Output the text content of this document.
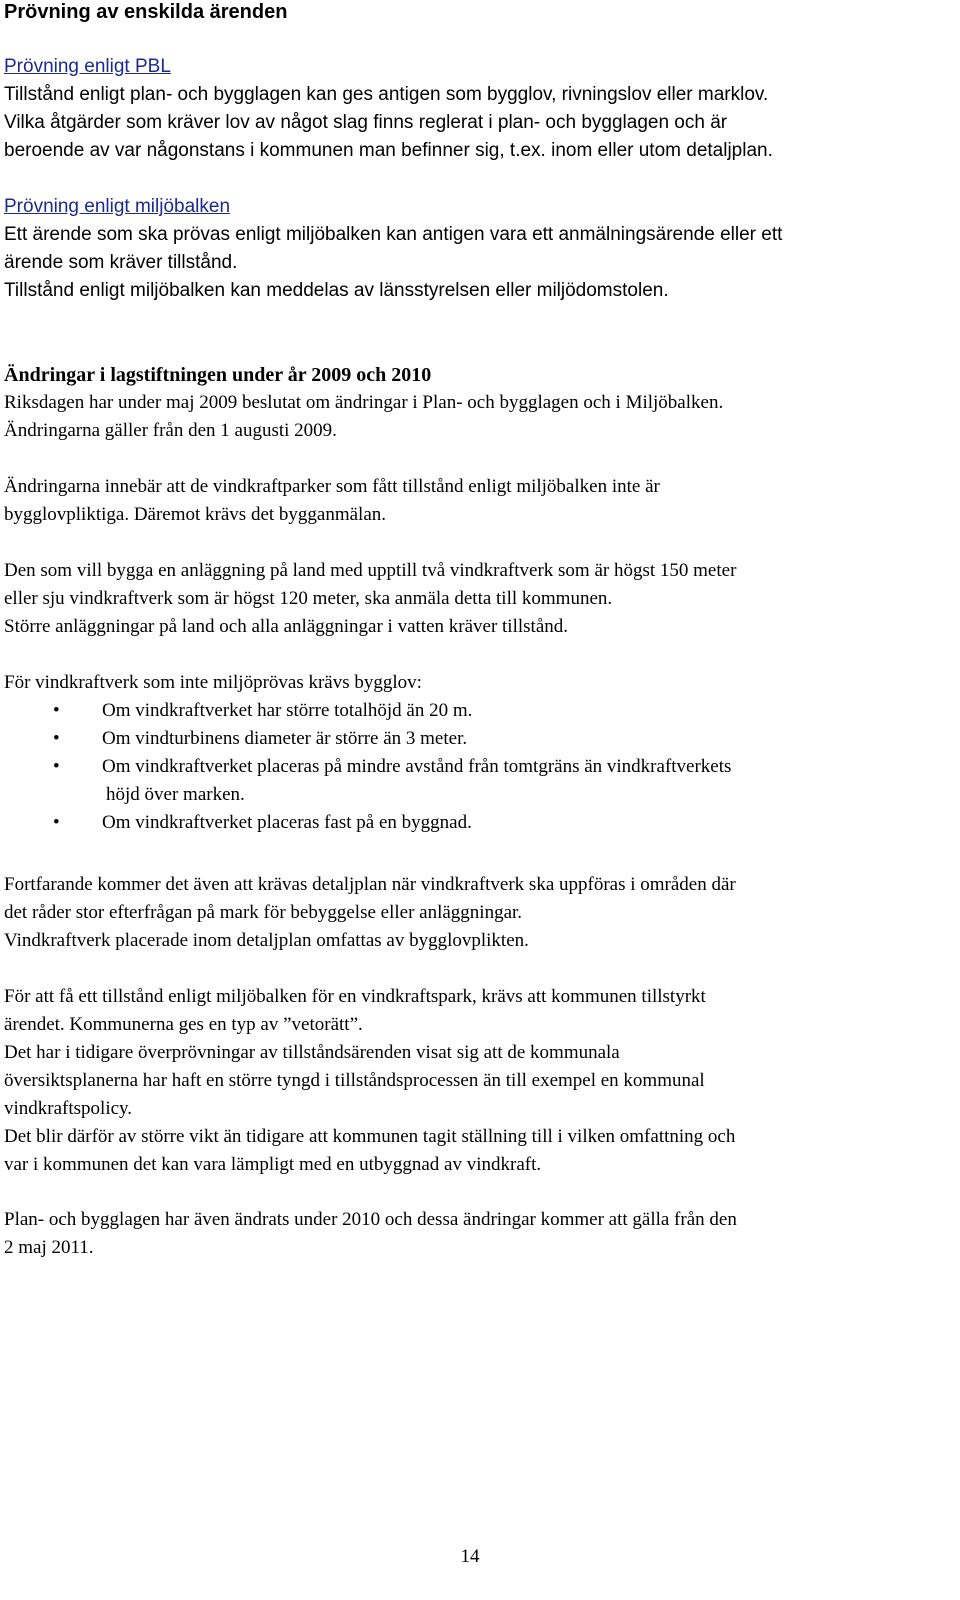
Prövning av enskilda ärenden

Prövning enligt PBL

Tillstånd enligt plan- och bygglagen kan ges antigen som bygglov, rivningslov eller marklov.

Vilka åtgärder som kräver lov av något slag finns reglerat i plan- och bygglagen och är

beroende av var någonstans i kommunen man befinner sig, t.ex. inom eller utom detaljplan.

Prövning enligt miljöbalken

Ett ärende som ska prövas enligt miljöbalken kan antigen vara ett anmälningsärende eller ett

ärende som kräver tillstånd.

Tillstånd enligt miljöbalken kan meddelas av länsstyrelsen eller miljödomstolen.

Ändringar i lagstiftningen under år 2009 och 2010

Riksdagen har under maj 2009 beslutat om ändringar i Plan- och bygglagen och i Miljöbalken.

Ändringarna gäller från den 1 augusti 2009.

Ändringarna innebär att de vindkraftparker som fått tillstånd enligt miljöbalken inte är

bygglovpliktiga. Däremot krävs det bygganmälan.

Den som vill bygga en anläggning på land med upptill två vindkraftverk som är högst 150 meter

eller sju vindkraftverk som är högst 120 meter, ska anmäla detta till kommunen.

Större anläggningar på land och alla anläggningar i vatten kräver tillstånd.

För vindkraftverk som inte miljöprövas krävs bygglov:

• Om vindkraftverket har större totalhöjd än 20 m.
• Om vindturbinens diameter är större än 3 meter.
• Om vindkraftverket placeras på mindre avstånd från tomtgräns än vindkraftverkets
höjd över marken.
• Om vindkraftverket placeras fast på en byggnad.

Fortfarande kommer det även att krävas detaljplan när vindkraftverk ska uppföras i områden där

det råder stor efterfrågan på mark för bebyggelse eller anläggningar.

Vindkraftverk placerade inom detaljplan omfattas av bygglovplikten.

För att få ett tillstånd enligt miljöbalken för en vindkraftspark, krävs att kommunen tillstyrkt

ärendet. Kommunerna ges en typ av ”vetorätt”.

Det har i tidigare överprövningar av tillståndsärenden visat sig att de kommunala

översiktsplanerna har haft en större tyngd i tillståndsprocessen än till exempel en kommunal

vindkraftspolicy.

Det blir därför av större vikt än tidigare att kommunen tagit ställning till i vilken omfattning och

var i kommunen det kan vara lämpligt med en utbyggnad av vindkraft.

Plan- och bygglagen har även ändrats under 2010 och dessa ändringar kommer att gälla från den

2 maj 2011.

14
